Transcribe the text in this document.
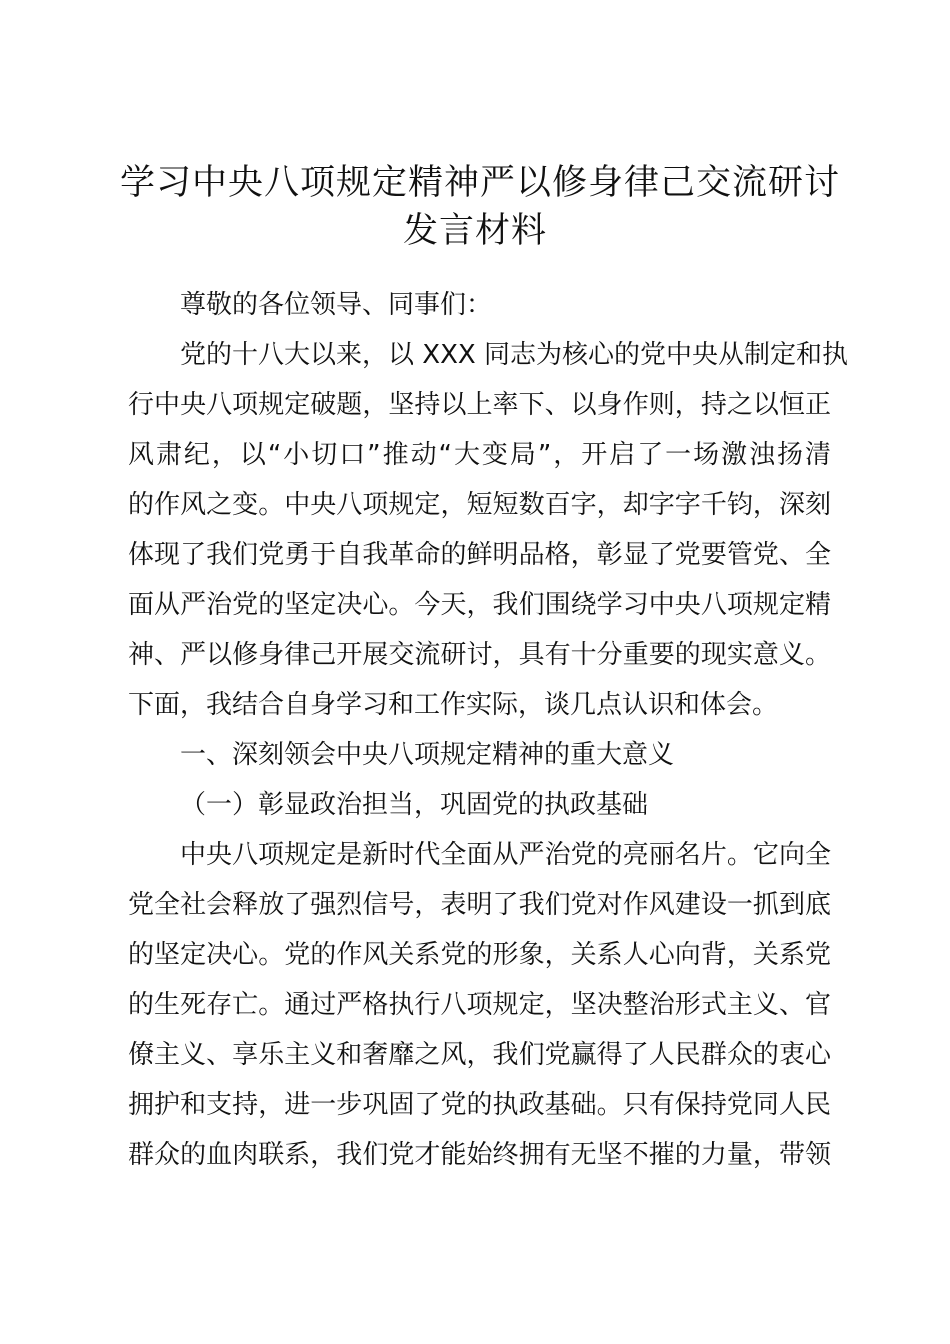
学习中央八项规定精神严以修身律己交流研讨
发言材料
尊敬的各位领导、同事们：
党的十八大以来，以 XXX 同志为核心的党中央从制定和执
行中央八项规定破题，坚持以上率下、以身作则，持之以恒正
风肃纪，以“小切口”推动“大变局”，开启了一场激浊扬清
的作风之变。中央八项规定，短短数百字，却字字千钧，深刻
体现了我们党勇于自我革命的鲜明品格，彰显了党要管党、全
面从严治党的坚定决心。今天，我们围绕学习中央八项规定精
神、严以修身律己开展交流研讨，具有十分重要的现实意义。
下面，我结合自身学习和工作实际，谈几点认识和体会。
一、深刻领会中央八项规定精神的重大意义
（一）彰显政治担当，巩固党的执政基础
中央八项规定是新时代全面从严治党的亮丽名片。它向全
党全社会释放了强烈信号，表明了我们党对作风建设一抓到底
的坚定决心。党的作风关系党的形象，关系人心向背，关系党
的生死存亡。通过严格执行八项规定，坚决整治形式主义、官
僚主义、享乐主义和奢靡之风，我们党赢得了人民群众的衷心
拥护和支持，进一步巩固了党的执政基础。只有保持党同人民
群众的血肉联系，我们党才能始终拥有无坚不摧的力量，带领
